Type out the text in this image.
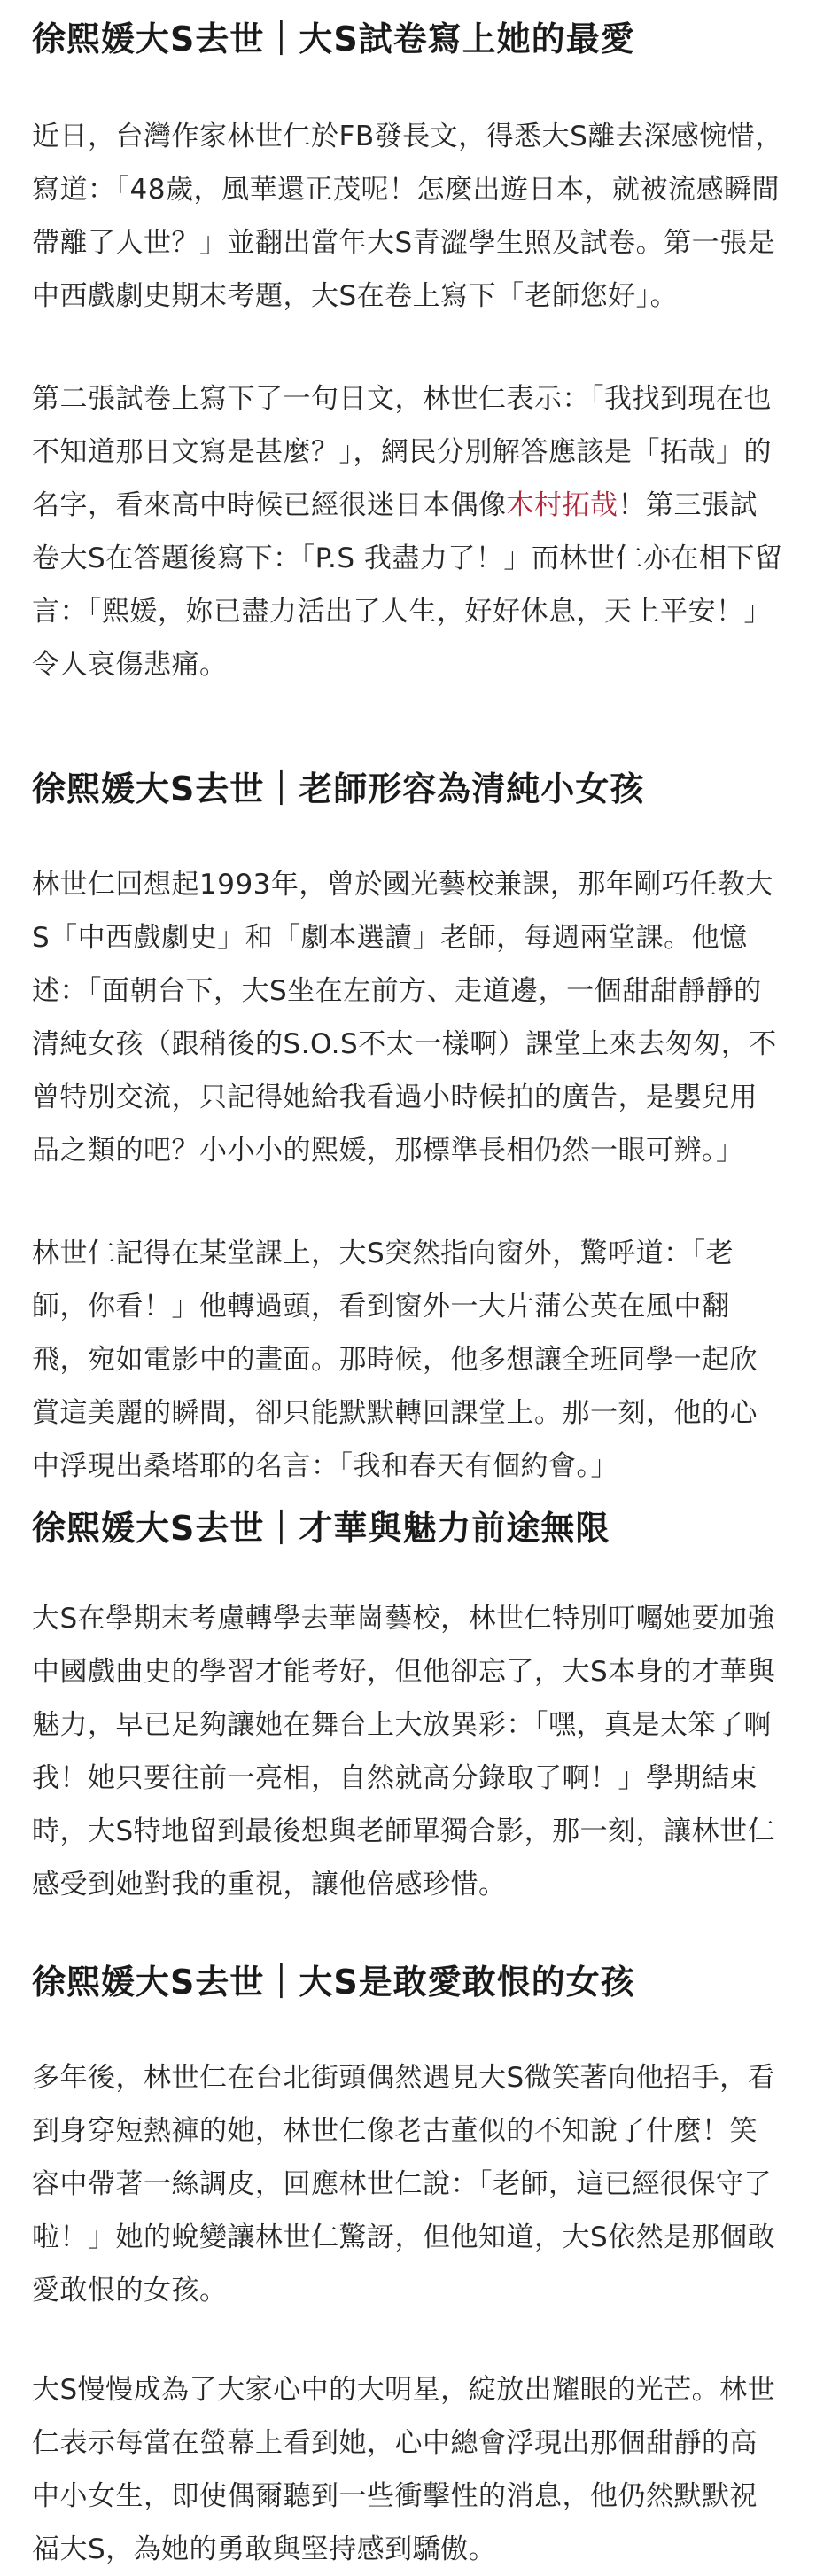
徐熙媛大S去世｜大S試卷寫上她的最愛

近日，台灣作家林世仁於FB發長文，得悉大S離去深感惋惜，寫道：「48歲，風華還正茂呢！怎麼出遊日本，就被流感瞬間帶離了人世？」並翻出當年大S青澀學生照及試卷。第一張是中西戲劇史期末考題，大S在卷上寫下「老師您好」。

第二張試卷上寫下了一句日文，林世仁表示：「我找到現在也不知道那日文寫是甚麼？」，網民分別解答應該是「拓哉」的名字，看來高中時候已經很迷日本偶像木村拓哉！第三張試卷大S在答題後寫下：「P.S 我盡力了！」而林世仁亦在相下留言：「熙媛，妳已盡力活出了人生，好好休息，天上平安！」令人哀傷悲痛。

徐熙媛大S去世｜老師形容為清純小女孩

林世仁回想起1993年，曾於國光藝校兼課，那年剛巧任教大S「中西戲劇史」和「劇本選讀」老師，每週兩堂課。他憶述：「面朝台下，大S坐在左前方、走道邊，一個甜甜靜靜的清純女孩（跟稍後的S.O.S不太一樣啊）課堂上來去匆匆，不曾特別交流，只記得她給我看過小時候拍的廣告，是嬰兒用品之類的吧？小小小的熙媛，那標準長相仍然一眼可辨。」

林世仁記得在某堂課上，大S突然指向窗外，驚呼道：「老師，你看！」他轉過頭，看到窗外一大片蒲公英在風中翻飛，宛如電影中的畫面。那時候，他多想讓全班同學一起欣賞這美麗的瞬間，卻只能默默轉回課堂上。那一刻，他的心中浮現出桑塔耶的名言：「我和春天有個約會。」

徐熙媛大S去世｜才華與魅力前途無限

大S在學期末考慮轉學去華崗藝校，林世仁特別叮囑她要加強中國戲曲史的學習才能考好，但他卻忘了，大S本身的才華與魅力，早已足夠讓她在舞台上大放異彩：「嘿，真是太笨了啊我！她只要往前一亮相，自然就高分錄取了啊！」學期結束時，大S特地留到最後想與老師單獨合影，那一刻，讓林世仁感受到她對我的重視，讓他倍感珍惜。

徐熙媛大S去世｜大S是敢愛敢恨的女孩

多年後，林世仁在台北街頭偶然遇見大S微笑著向他招手，看到身穿短熱褲的她，林世仁像老古董似的不知說了什麼！笑容中帶著一絲調皮，回應林世仁說：「老師，這已經很保守了啦！」她的蛻變讓林世仁驚訝，但他知道，大S依然是那個敢愛敢恨的女孩。

大S慢慢成為了大家心中的大明星，綻放出耀眼的光芒。林世仁表示每當在螢幕上看到她，心中總會浮現出那個甜靜的高中小女生，即使偶爾聽到一些衝擊性的消息，他仍然默默祝福大S，為她的勇敢與堅持感到驕傲。
